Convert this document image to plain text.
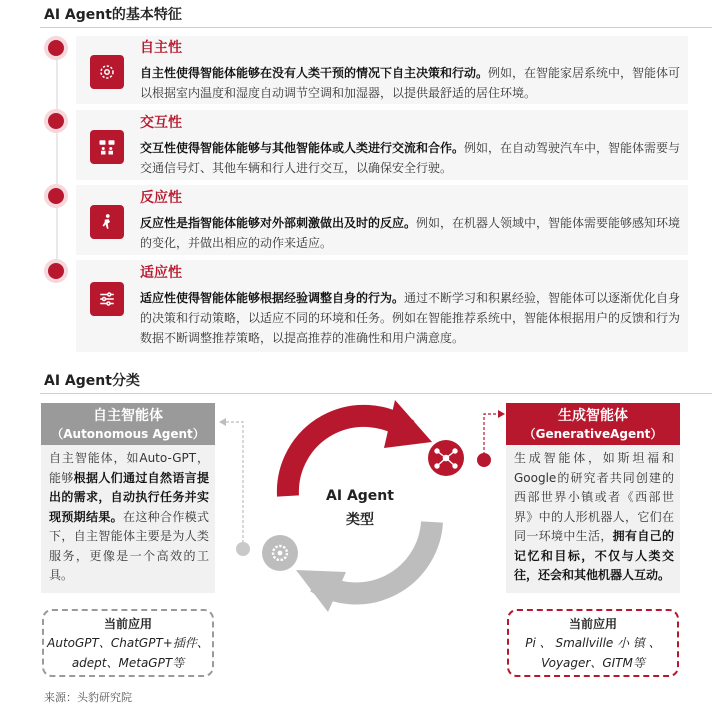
AI Agent的基本特征
自主性
自主性使得智能体能够在没有人类干预的情况下自主决策和行动。例如，在智能家居系统中，智能体可以根据室内温度和湿度自动调节空调和加湿器，以提供最舒适的居住环境。
交互性
交互性使得智能体能够与其他智能体或人类进行交流和合作。例如，在自动驾驶汽车中，智能体需要与交通信号灯、其他车辆和行人进行交互，以确保安全行驶。
反应性
反应性是指智能体能够对外部刺激做出及时的反应。例如，在机器人领域中，智能体需要能够感知环境的变化，并做出相应的动作来适应。
适应性
适应性使得智能体能够根据经验调整自身的行为。通过不断学习和积累经验，智能体可以逐渐优化自身的决策和行动策略，以适应不同的环境和任务。例如在智能推荐系统中，智能体根据用户的反馈和行为数据不断调整推荐策略，以提高推荐的准确性和用户满意度。
AI Agent分类
自主智能体
（Autonomous Agent）
自主智能体，如Auto-GPT，能够根据人们通过自然语言提出的需求，自动执行任务并实现预期结果。在这种合作模式下，自主智能体主要是为人类服务，更像是一个高效的工具。
当前应用
AutoGPT、ChatGPT+插件、
adept、MetaGPT等
生成智能体
（GenerativeAgent）
生成智能体，如斯坦福和Google的研究者共同创建的西部世界小镇或者《西部世界》中的人形机器人，它们在同一环境中生活，拥有自己的记忆和目标，不仅与人类交往，还会和其他机器人互动。
当前应用
Pi 、 Smallville 小 镇 、
Voyager、GITM等
AI Agent
类型
来源：头豹研究院
